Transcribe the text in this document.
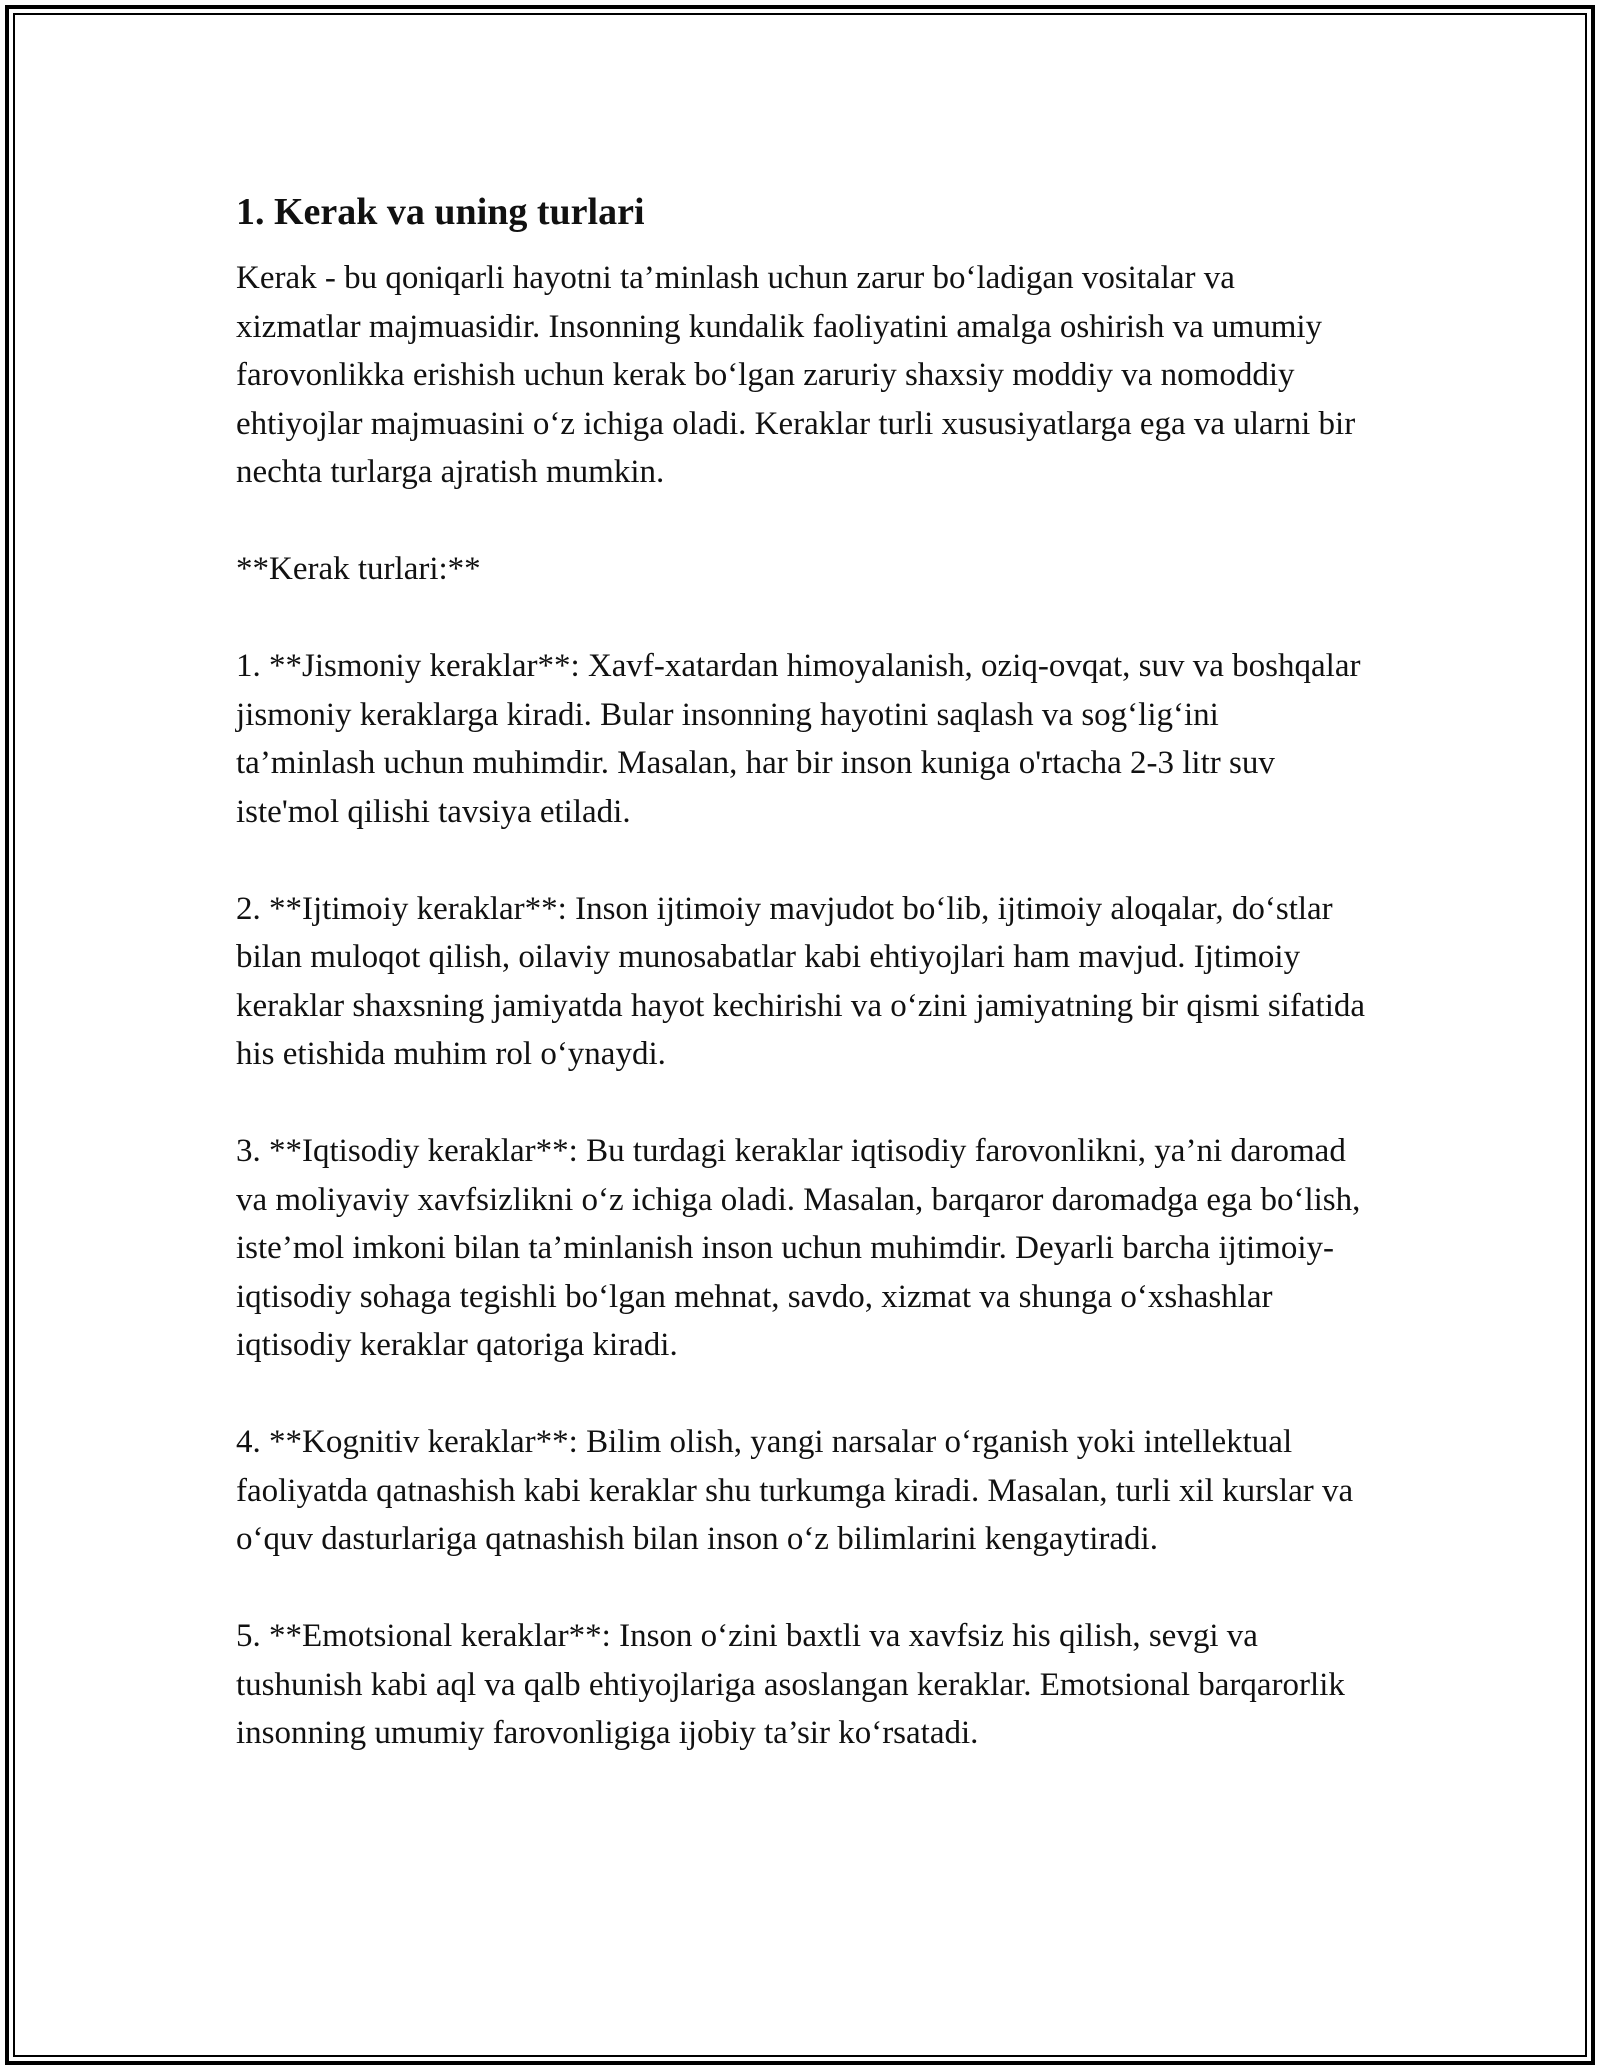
1. Kerak va uning turlari

Kerak - bu qoniqarli hayotni ta’minlash uchun zarur bo‘ladigan vositalar va xizmatlar majmuasidir. Insonning kundalik faoliyatini amalga oshirish va umumiy farovonlikka erishish uchun kerak bo‘lgan zaruriy shaxsiy moddiy va nomoddiy ehtiyojlar majmuasini o‘z ichiga oladi. Keraklar turli xususiyatlarga ega va ularni bir nechta turlarga ajratish mumkin.

**Kerak turlari:**

1. **Jismoniy keraklar**: Xavf-xatardan himoyalanish, oziq-ovqat, suv va boshqalar jismoniy keraklarga kiradi. Bular insonning hayotini saqlash va sog‘lig‘ini ta’minlash uchun muhimdir. Masalan, har bir inson kuniga o'rtacha 2-3 litr suv iste'mol qilishi tavsiya etiladi.

2. **Ijtimoiy keraklar**: Inson ijtimoiy mavjudot bo‘lib, ijtimoiy aloqalar, do‘stlar bilan muloqot qilish, oilaviy munosabatlar kabi ehtiyojlari ham mavjud. Ijtimoiy keraklar shaxsning jamiyatda hayot kechirishi va o‘zini jamiyatning bir qismi sifatida his etishida muhim rol o‘ynaydi.

3. **Iqtisodiy keraklar**: Bu turdagi keraklar iqtisodiy farovonlikni, ya’ni daromad va moliyaviy xavfsizlikni o‘z ichiga oladi. Masalan, barqaror daromadga ega bo‘lish, iste’mol imkoni bilan ta’minlanish inson uchun muhimdir. Deyarli barcha ijtimoiy-iqtisodiy sohaga tegishli bo‘lgan mehnat, savdo, xizmat va shunga o‘xshashlar iqtisodiy keraklar qatoriga kiradi.

4. **Kognitiv keraklar**: Bilim olish, yangi narsalar o‘rganish yoki intellektual faoliyatda qatnashish kabi keraklar shu turkumga kiradi. Masalan, turli xil kurslar va o‘quv dasturlariga qatnashish bilan inson o‘z bilimlarini kengaytiradi.

5. **Emotsional keraklar**: Inson o‘zini baxtli va xavfsiz his qilish, sevgi va tushunish kabi aql va qalb ehtiyojlariga asoslangan keraklar. Emotsional barqarorlik insonning umumiy farovonligiga ijobiy ta’sir ko‘rsatadi.
